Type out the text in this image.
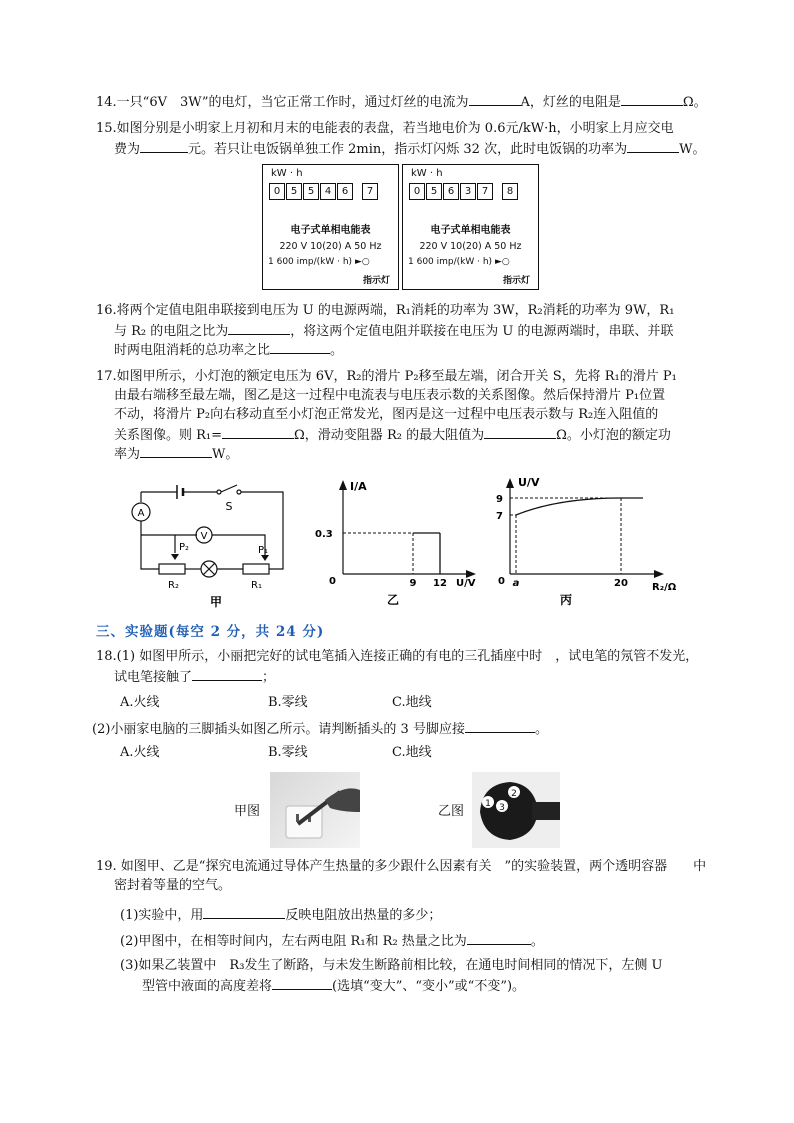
14.一只“6V　3W”的电灯，当它正常工作时，通过灯丝的电流为	A，灯丝的电阻是	Ω。
15.如图分别是小明家上月初和月末的电能表的表盘，若当地电价为 0.6元/kW·h，小明家上月应交电
费为	元。若只让电饭锅单独工作 2min，指示灯闪烁 32 次，此时电饭锅的功率为	W。
kW · h
0	5	5	4	6	7
电子式单相电能表
220 V 10(20) A 50 Hz
1 600 imp/(kW · h) ►○
指示灯
kW · h
0	5	6	3	7	8
电子式单相电能表
220 V 10(20) A 50 Hz
1 600 imp/(kW · h) ►○
指示灯
16.将两个定值电阻串联接到电压为 U 的电源两端，R₁消耗的功率为 3W，R₂消耗的功率为 9W，R₁
与 R₂ 的电阻之比为	，将这两个定值电阻并联接在电压为 U 的电源两端时，串联、并联
时两电阻消耗的总功率之比	。
17.如图甲所示，小灯泡的额定电压为 6V，R₂的滑片 P₂移至最左端，闭合开关 S，先将 R₁的滑片 P₁
由最右端移至最左端，图乙是这一过程中电流表与电压表示数的关系图像。然后保持滑片 P₁位置
不动，将滑片 P₂向右移动直至小灯泡正常发光，图丙是这一过程中电压表示数与 R₂连入阻值的
关系图像。则 R₁=	Ω，滑动变阻器 R₂ 的最大阻值为	Ω。小灯泡的额定功
率为	W。
A
V
S
P₂	P₁
R₂	R₁
甲
I/A
0.3
0	9 12 U/V
乙
U/V
9
7
0 a	20 R₂/Ω
丙
三、实验题(每空 2 分，共 24 分)
18.(1) 如图甲所示，小丽把完好的试电笔插入连接正确的有电的三孔插座中时　，试电笔的氖管不发光，
试电笔接触了	；
A.火线	B.零线	C.地线
(2)小丽家电脑的三脚插头如图乙所示。请判断插头的 3 号脚应接	。
A.火线	B.零线	C.地线
甲图	乙图 1
2
3
19. 如图甲、乙是“探究电流通过导体产生热量的多少跟什么因素有关　”的实验装置，两个透明容器　　中
密封着等量的空气。
(1)实验中，用	反映电阻放出热量的多少；
(2)甲图中，在相等时间内，左右两电阻 R₁和 R₂ 热量之比为	。
(3)如果乙装置中　R₃发生了断路，与未发生断路前相比较，在通电时间相同的情况下，左侧 U
型管中液面的高度差将	(选填“变大”、“变小”或“不变”)。
